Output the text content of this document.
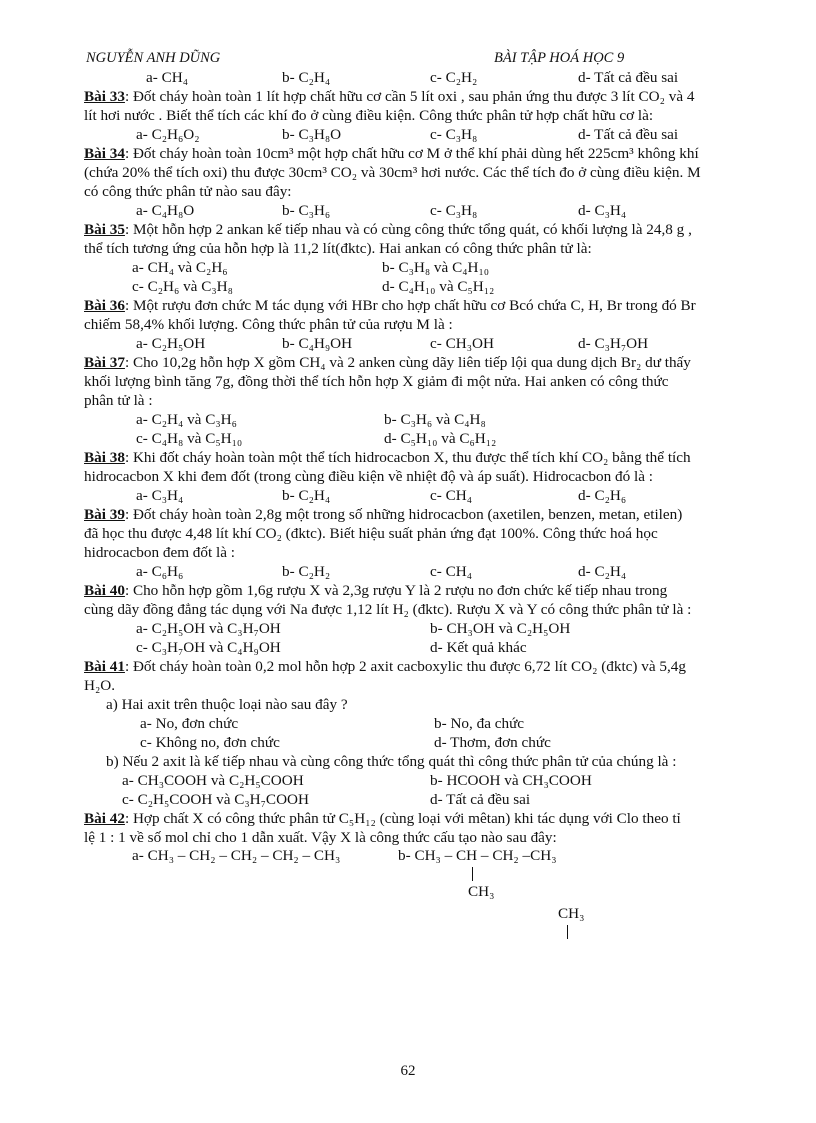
NGUYỄN ANH DŨNG	BÀI TẬP HOÁ HỌC 9
a- CH₄	b- C₂H₄	c- C₂H₂	d- Tất cả đều sai
Bài 33: Đốt cháy hoàn toàn 1 lít hợp chất hữu cơ cần 5 lít oxi , sau phản ứng thu được 3 lít CO₂ và 4
lít hơi nước . Biết thể tích các khí đo ở cùng điều kiện. Công thức phân tử hợp chất hữu cơ là:
a- C₂H₆O₂	b- C₃H₈O	c- C₃H₈	d- Tất cả đều sai
Bài 34: Đốt cháy hoàn toàn 10cm³ một hợp chất hữu cơ M ở thể khí phải dùng hết 225cm³ không khí
(chứa 20% thể tích oxi) thu được 30cm³ CO₂ và 30cm³ hơi nước. Các thể tích đo ở cùng điều kiện. M
có công thức phân tử nào sau đây:
a- C₄H₈O	b- C₃H₆	c- C₃H₈	d- C₃H₄
Bài 35: Một hỗn hợp 2 ankan kế tiếp nhau và có cùng công thức tổng quát, có khối lượng là 24,8 g ,
thể tích tương ứng của hỗn hợp là 11,2 lít(đktc). Hai ankan có công thức phân tử là:
a- CH₄ và C₂H₆	b- C₃H₈ và C₄H₁₀
c- C₂H₆ và C₃H₈	d- C₄H₁₀ và C₅H₁₂
Bài 36: Một rượu đơn chức M tác dụng với HBr cho hợp chất hữu cơ Bcó chứa C, H, Br trong đó Br
chiếm 58,4% khối lượng. Công thức phân tử của rượu M là :
a- C₂H₅OH	b- C₄H₉OH	c- CH₃OH	d- C₃H₇OH
Bài 37: Cho 10,2g hỗn hợp X gồm CH₄ và 2 anken cùng dãy liên tiếp lội qua dung dịch Br₂ dư thấy
khối lượng bình tăng 7g, đồng thời thể tích hỗn hợp X giảm đi một nửa. Hai anken có công thức
phân tử là :
a- C₂H₄ và C₃H₆	b- C₃H₆ và C₄H₈
c- C₄H₈ và C₅H₁₀	d- C₅H₁₀ và C₆H₁₂
Bài 38: Khi đốt cháy hoàn toàn một thể tích hidrocacbon X, thu được thể tích khí CO₂ bằng thể tích
hidrocacbon X khi đem đốt (trong cùng điều kiện về nhiệt độ và áp suất). Hidrocacbon đó là :
a- C₃H₄	b- C₂H₄	c- CH₄	d- C₂H₆
Bài 39: Đốt cháy hoàn toàn 2,8g một trong số những hidrocacbon (axetilen, benzen, metan, etilen)
đã học thu được 4,48 lít khí CO₂ (đktc). Biết hiệu suất phản ứng đạt 100%. Công thức hoá học
hidrocacbon đem đốt là :
a- C₆H₆	b- C₂H₂	c- CH₄	d- C₂H₄
Bài 40: Cho hỗn hợp gồm 1,6g rượu X và 2,3g rượu Y là 2 rượu no đơn chức kế tiếp nhau trong
cùng dãy đồng đẳng tác dụng với Na được 1,12 lít H₂ (đktc). Rượu X và Y có công thức phân tử là :
a- C₂H₅OH và C₃H₇OH	b- CH₃OH và C₂H₅OH
c- C₃H₇OH và C₄H₉OH	d- Kết quả khác
Bài 41: Đốt cháy hoàn toàn 0,2 mol hỗn hợp 2 axit cacboxylic thu được 6,72 lít CO₂ (đktc) và 5,4g
H₂O.
a) Hai axit trên thuộc loại nào sau đây ?
a- No, đơn chức	b- No, đa chức
c- Không no, đơn chức	d- Thơm, đơn chức
b) Nếu 2 axit là kế tiếp nhau và cùng công thức tổng quát thì công thức phân tử của chúng là :
a- CH₃COOH và C₂H₅COOH	b- HCOOH và CH₃COOH
c- C₂H₅COOH và C₃H₇COOH	d- Tất cả đều sai
Bài 42: Hợp chất X có công thức phân tử C₅H₁₂ (cùng loại với mêtan) khi tác dụng với Clo theo tỉ
lệ 1 : 1 về số mol chỉ cho 1 dẫn xuất. Vậy X là công thức cấu tạo nào sau đây:
a- CH₃ – CH₂ – CH₂ – CH₂ – CH₃	b- CH₃ – CH – CH₂ –CH₃
CH₃
CH₃
62
